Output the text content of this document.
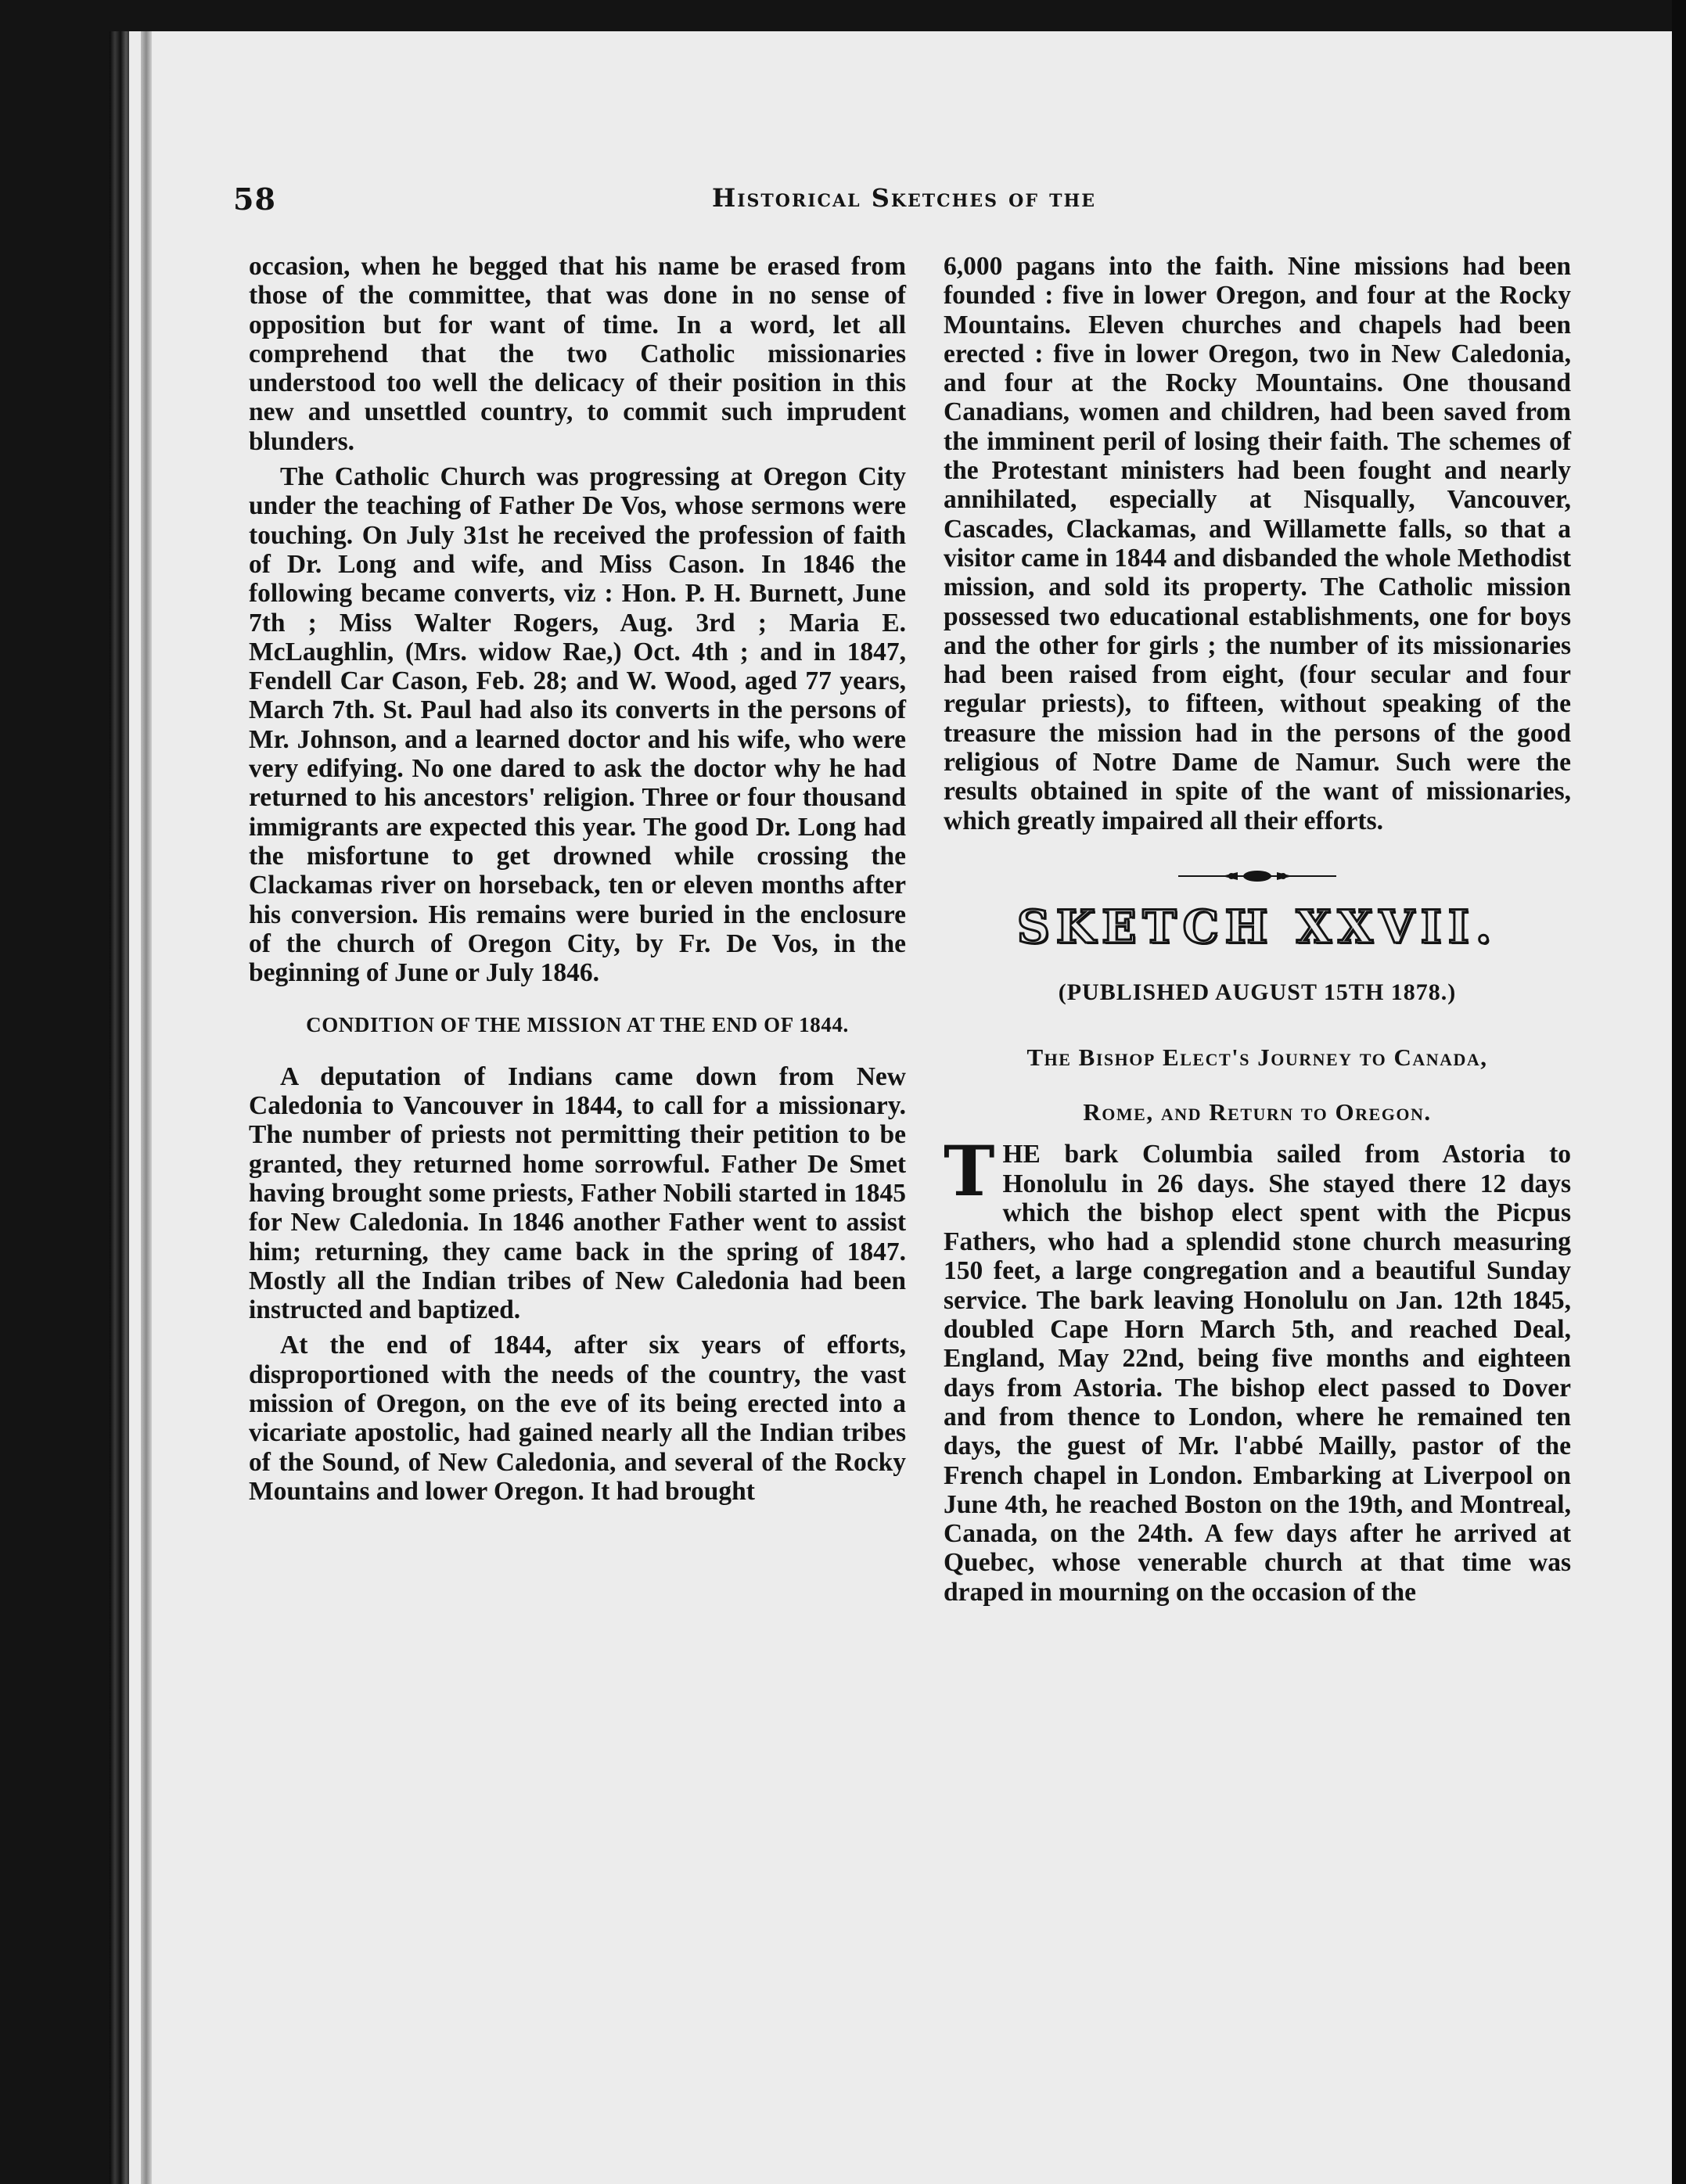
58	Historical Sketches of the

occasion, when he begged that his name be erased from those of the committee, that was done in no sense of opposition but for want of time. In a word, let all comprehend that the two Catholic missionaries understood too well the delicacy of their position in this new and unsettled country, to commit such imprudent blunders.

The Catholic Church was progressing at Oregon City under the teaching of Father De Vos, whose sermons were touching. On July 31st he received the profession of faith of Dr. Long and wife, and Miss Cason. In 1846 the following became converts, viz : Hon. P. H. Burnett, June 7th ; Miss Walter Rogers, Aug. 3rd ; Maria E. McLaughlin, (Mrs. widow Rae,) Oct. 4th ; and in 1847, Fendell Car Cason, Feb. 28; and W. Wood, aged 77 years, March 7th. St. Paul had also its converts in the persons of Mr. Johnson, and a learned doctor and his wife, who were very edifying. No one dared to ask the doctor why he had returned to his ancestors' religion. Three or four thousand immigrants are expected this year. The good Dr. Long had the misfortune to get drowned while crossing the Clackamas river on horseback, ten or eleven months after his conversion. His remains were buried in the enclosure of the church of Oregon City, by Fr. De Vos, in the beginning of June or July 1846.

CONDITION OF THE MISSION AT THE END OF 1844.

A deputation of Indians came down from New Caledonia to Vancouver in 1844, to call for a missionary. The number of priests not permitting their petition to be granted, they returned home sorrowful. Father De Smet having brought some priests, Father Nobili started in 1845 for New Caledonia. In 1846 another Father went to assist him; returning, they came back in the spring of 1847. Mostly all the Indian tribes of New Caledonia had been instructed and baptized.

At the end of 1844, after six years of efforts, disproportioned with the needs of the country, the vast mission of Oregon, on the eve of its being erected into a vicariate apostolic, had gained nearly all the Indian tribes of the Sound, of New Caledonia, and several of the Rocky Mountains and lower Oregon. It had brought

6,000 pagans into the faith. Nine missions had been founded : five in lower Oregon, and four at the Rocky Mountains. Eleven churches and chapels had been erected : five in lower Oregon, two in New Caledonia, and four at the Rocky Mountains. One thousand Canadians, women and children, had been saved from the imminent peril of losing their faith. The schemes of the Protestant ministers had been fought and nearly annihilated, especially at Nisqually, Vancouver, Cascades, Clackamas, and Willamette falls, so that a visitor came in 1844 and disbanded the whole Methodist mission, and sold its property. The Catholic mission possessed two educational establishments, one for boys and the other for girls ; the number of its missionaries had been raised from eight, (four secular and four regular priests), to fifteen, without speaking of the treasure the mission had in the persons of the good religious of Notre Dame de Namur. Such were the results obtained in spite of the want of missionaries, which greatly impaired all their efforts.

SKETCH XXVII.
(PUBLISHED AUGUST 15TH 1878.)
The Bishop Elect's Journey to Canada,
Rome, and Return to Oregon.

THE bark Columbia sailed from Astoria to Honolulu in 26 days. She stayed there 12 days which the bishop elect spent with the Picpus Fathers, who had a splendid stone church measuring 150 feet, a large congregation and a beautiful Sunday service. The bark leaving Honolulu on Jan. 12th 1845, doubled Cape Horn March 5th, and reached Deal, England, May 22nd, being five months and eighteen days from Astoria. The bishop elect passed to Dover and from thence to London, where he remained ten days, the guest of Mr. l'abbé Mailly, pastor of the French chapel in London. Embarking at Liverpool on June 4th, he reached Boston on the 19th, and Montreal, Canada, on the 24th. A few days after he arrived at Quebec, whose venerable church at that time was draped in mourning on the occasion of the
